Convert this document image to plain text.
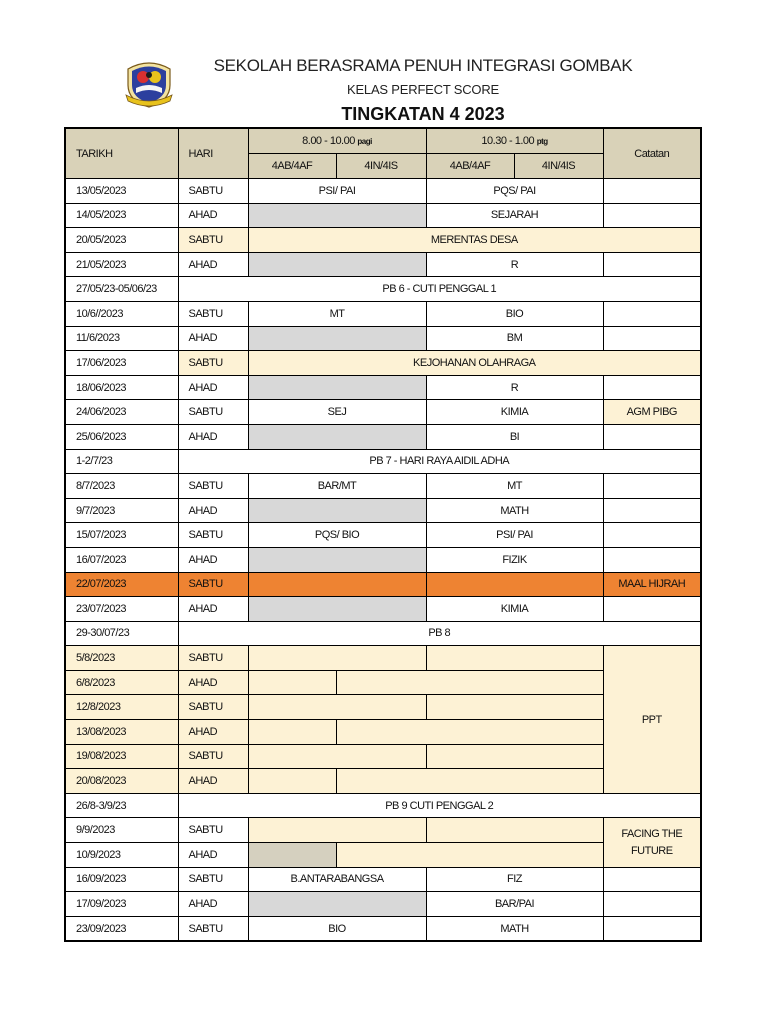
SEKOLAH BERASRAMA PENUH INTEGRASI GOMBAK
KELAS PERFECT SCORE
TINGKATAN 4 2023
TARIKH	HARI	8.00 - 10.00 pagi		10.30 - 1.00 ptg		Catatan
		4AB/4AF	4IN/4IS	4AB/4AF	4IN/4IS	
13/05/2023	SABTU	PSI/ PAI		PQS/ PAI		
14/05/2023	AHAD			SEJARAH		
20/05/2023	SABTU	MERENTAS DESA				
21/05/2023	AHAD			R		
27/05/23-05/06/23	PB 6 - CUTI PENGGAL 1					
10/6//2023	SABTU	MT		BIO		
11/6/2023	AHAD			BM		
17/06/2023	SABTU	KEJOHANAN OLAHRAGA				
18/06/2023	AHAD			R		
24/06/2023	SABTU	SEJ		KIMIA		AGM PIBG
25/06/2023	AHAD			BI		
1-2/7/23	PB 7 - HARI RAYA AIDIL ADHA					
8/7/2023	SABTU	BAR/MT		MT		
9/7/2023	AHAD			MATH		
15/07/2023	SABTU	PQS/ BIO		PSI/ PAI		
16/07/2023	AHAD			FIZIK		
22/07/2023	SABTU					MAAL HIJRAH
23/07/2023	AHAD			KIMIA		
29-30/07/23	PB 8					
5/8/2023	SABTU					PPT
6/8/2023	AHAD					
12/8/2023	SABTU					
13/08/2023	AHAD					
19/08/2023	SABTU					
20/08/2023	AHAD					
26/8-3/9/23	PB 9 CUTI PENGGAL 2					
9/9/2023	SABTU					FACING THE
FUTURE
10/9/2023	AHAD					
16/09/2023	SABTU	B.ANTARABANGSA		FIZ		
17/09/2023	AHAD			BAR/PAI		
23/09/2023	SABTU	BIO		MATH		
